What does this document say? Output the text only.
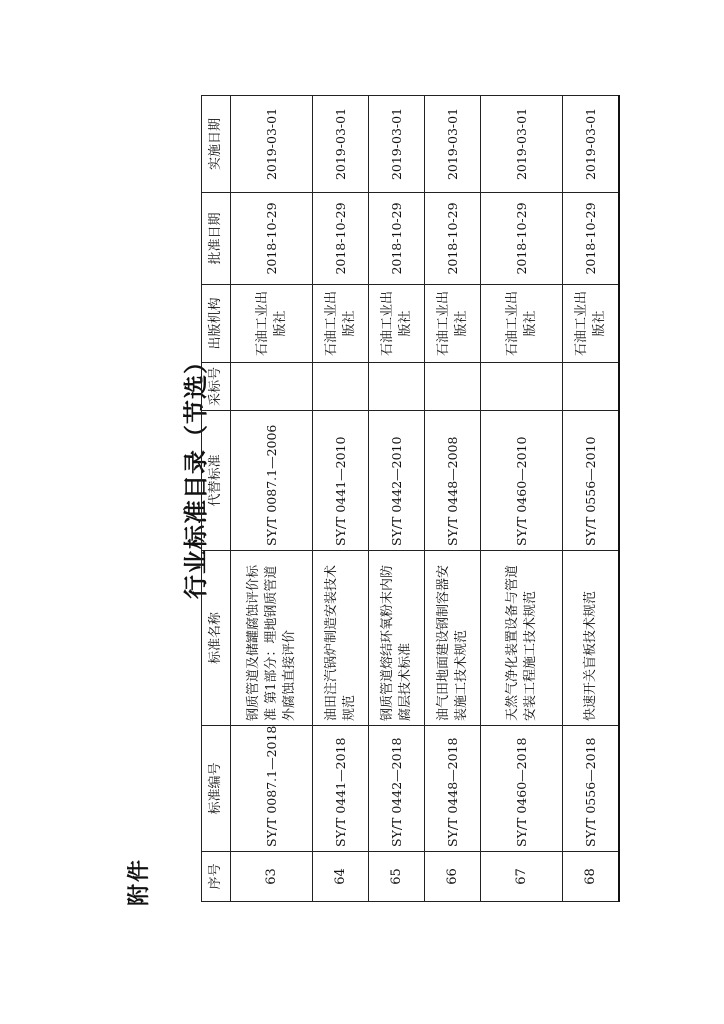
附件
行业标准目录（节选）
序号	标准编号	标准名称	代替标准	采标号	出版机构	批准日期	实施日期
63	SY/T 0087.1—2018	钢质管道及储罐腐蚀评价标准 第1部分：埋地钢质管道外腐蚀直接评价	SY/T 0087.1—2006		石油工业出版社	2018-10-29	2019-03-01
64	SY/T 0441—2018	油田注汽锅炉制造安装技术规范	SY/T 0441—2010		石油工业出版社	2018-10-29	2019-03-01
65	SY/T 0442—2018	钢质管道熔结环氧粉末内防腐层技术标准	SY/T 0442—2010		石油工业出版社	2018-10-29	2019-03-01
66	SY/T 0448—2018	油气田地面建设钢制容器安装施工技术规范	SY/T 0448—2008		石油工业出版社	2018-10-29	2019-03-01
67	SY/T 0460—2018	天然气净化装置设备与管道安装工程施工技术规范	SY/T 0460—2010		石油工业出版社	2018-10-29	2019-03-01
68	SY/T 0556—2018	快速开关盲板技术规范	SY/T 0556—2010		石油工业出版社	2018-10-29	2019-03-01
